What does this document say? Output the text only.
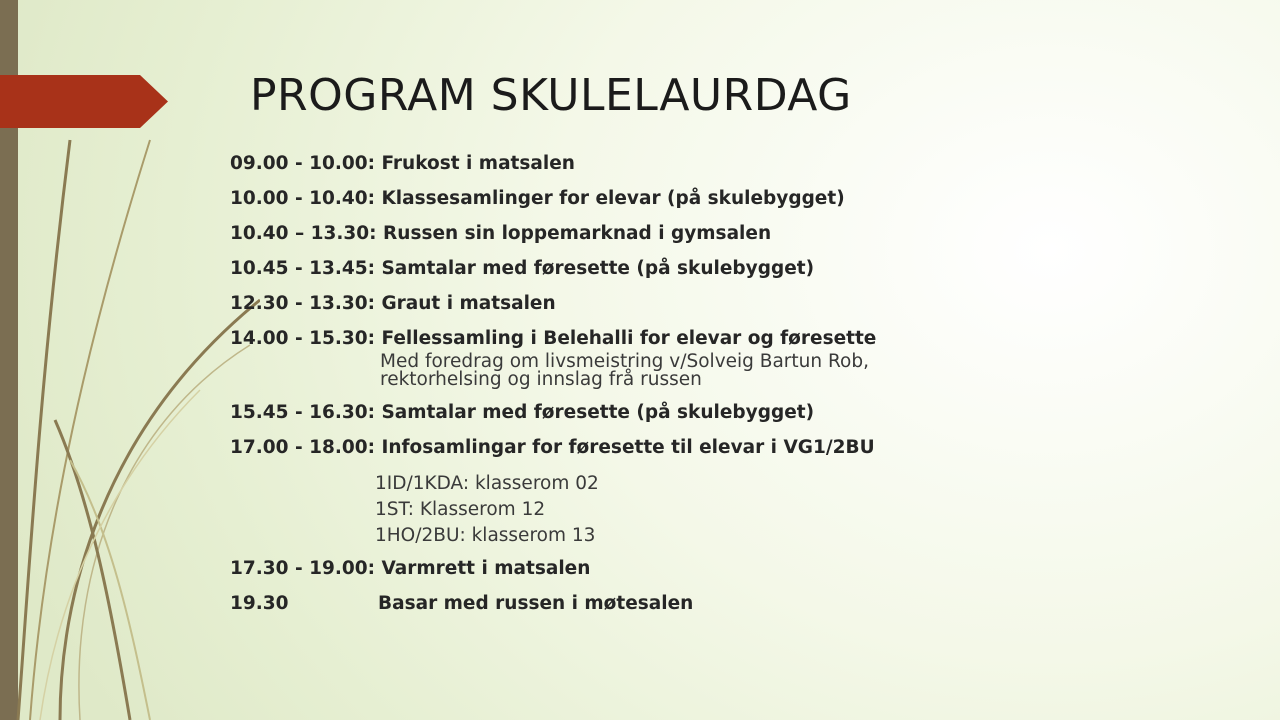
PROGRAM SKULELAURDAG
09.00 - 10.00: Frukost i matsalen
10.00 - 10.40: Klassesamlinger for elevar (på skulebygget)
10.40 – 13.30: Russen sin loppemarknad i gymsalen
10.45 - 13.45: Samtalar med føresette (på skulebygget)
12.30 - 13.30: Graut i matsalen
14.00 - 15.30: Fellessamling i Belehalli for elevar og føresette
Med foredrag om livsmeistring v/Solveig Bartun Rob,
rektorhelsing og innslag frå russen
15.45 - 16.30: Samtalar med føresette (på skulebygget)
17.00 - 18.00: Infosamlingar for føresette til elevar i VG1/2BU
1ID/1KDA: klasserom 02
1ST: Klasserom 12
1HO/2BU: klasserom 13
17.30 - 19.00: Varmrett i matsalen
19.30	Basar med russen i møtesalen
